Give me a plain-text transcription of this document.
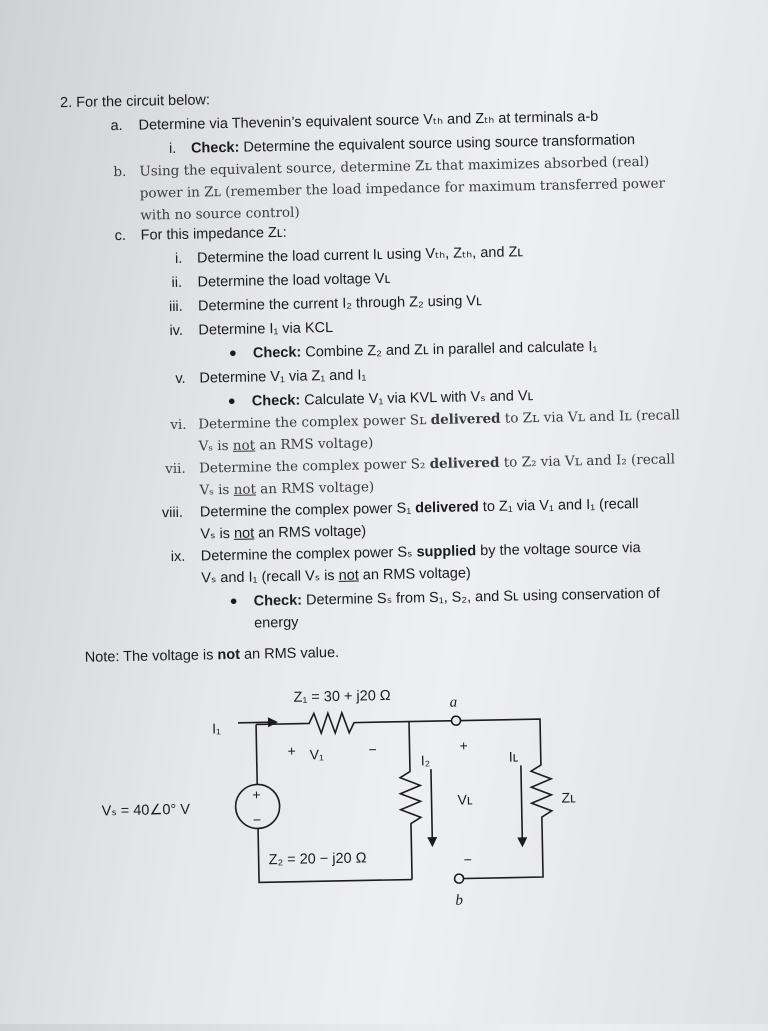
2. For the circuit below:
a. Determine via Thevenin’s equivalent source Vₜₕ and Zₜₕ at terminals a-b
i. Check: Determine the equivalent source using source transformation
b. Using the equivalent source, determine Zʟ that maximizes absorbed (real)
power in Zʟ (remember the load impedance for maximum transferred power
with no source control)
c. For this impedance Zʟ:
i. Determine the load current Iʟ using Vₜₕ, Zₜₕ, and Zʟ
ii. Determine the load voltage Vʟ
iii. Determine the current I₂ through Z₂ using Vʟ
iv. Determine I₁ via KCL
● Check: Combine Z₂ and Zʟ in parallel and calculate I₁
v. Determine V₁ via Z₁ and I₁
● Check: Calculate V₁ via KVL with Vₛ and Vʟ
vi. Determine the complex power Sʟ delivered to Zʟ via Vʟ and Iʟ (recall
Vₛ is not an RMS voltage)
vii. Determine the complex power S₂ delivered to Z₂ via Vʟ and I₂ (recall
Vₛ is not an RMS voltage)
viii. Determine the complex power S₁ delivered to Z₁ via V₁ and I₁ (recall
Vₛ is not an RMS voltage)
ix. Determine the complex power Sₛ supplied by the voltage source via
Vₛ and I₁ (recall Vₛ is not an RMS voltage)
● Check: Determine Sₛ from S₁, S₂, and Sʟ using conservation of
energy
Note: The voltage is not an RMS value.
+
−
Z₁ = 30 + j20 Ω	a
I₁
+ V₁	−	+
I₂	Iʟ
Vₛ = 40∠0° V
Vʟ	Zʟ
Z₂ = 20 − j20 Ω	−
b
